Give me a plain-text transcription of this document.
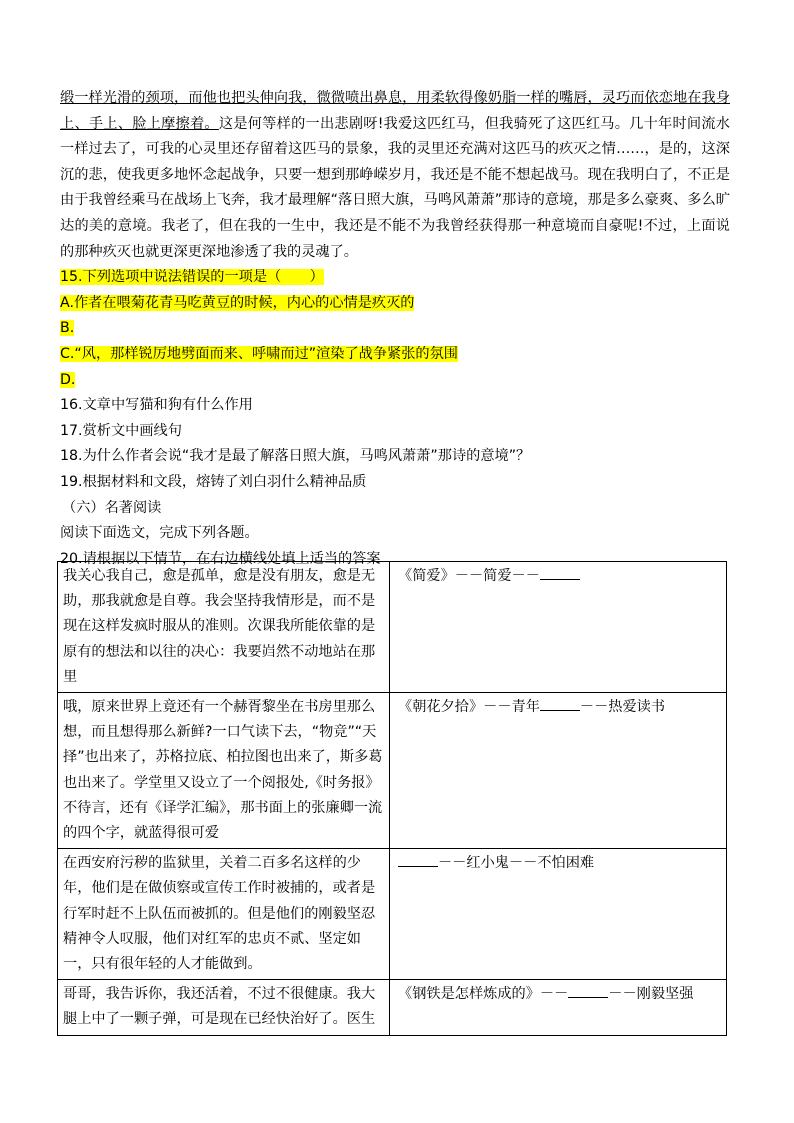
缎一样光滑的颈项，而他也把头伸向我，微微喷出鼻息，用柔软得像奶脂一样的嘴唇，灵巧而依恋地在我身上、手上、脸上摩擦着。这是何等样的一出悲剧呀!我爱这匹红马，但我骑死了这匹红马。几十年时间流水一样过去了，可我的心灵里还存留着这匹马的景象，我的灵里还充满对这匹马的疚灭之情……，是的，这深沉的悲，使我更多地怀念起战争，只要一想到那峥嵘岁月，我还是不能不想起战马。现在我明白了，不正是由于我曾经乘马在战场上飞奔，我才最理解“落日照大旗，马鸣风萧萧”那诗的意境，那是多么豪爽、多么旷达的美的意境。我老了，但在我的一生中，我还是不能不为我曾经获得那一种意境而自豪呢!不过，上面说的那种疚灭也就更深更深地渗透了我的灵魂了。

15.下列选项中说法错误的一项是（　　）

A.作者在喂菊花青马吃黄豆的时候，内心的心情是疚灭的

B.

C.“风，那样锐厉地劈面而来、呼啸而过”渲染了战争紧张的氛围

D.

16.文章中写猫和狗有什么作用

17.赏析文中画线句

18.为什么作者会说“我才是最了解落日照大旗，马鸣风萧萧”那诗的意境”？

19.根据材料和文段，熔铸了刘白羽什么精神品质

（六）名著阅读

阅读下面选文，完成下列各题。

20.请根据以下情节，在右边横线处填上适当的答案

我关心我自己，愈是孤单，愈是没有朋友，愈是无助，那我就愈是自尊。我会坚持我情形是，而不是现在这样发疯时服从的准则。次课我所能依靠的是原有的想法和以往的决心：我要岿然不动地站在那里	《简爱》－－简爱－－
哦，原来世界上竟还有一个赫胥黎坐在书房里那么想，而且想得那么新鲜?一口气读下去，“物竞”“天择”也出来了，苏格拉底、柏拉图也出来了，斯多葛也出来了。学堂里又设立了一个阅报处,《时务报》不待言，还有《译学汇编》，那书面上的张廉卿一流的四个字，就蓝得很可爱	《朝花夕拾》－－青年 －－热爱读书
在西安府污秽的监狱里，关着二百多名这样的少年，他们是在做侦察或宣传工作时被捕的，或者是行军时赶不上队伍而被抓的。但是他们的刚毅坚忍精神令人叹服，他们对红军的忠贞不贰、坚定如一，只有很年轻的人才能做到。	－－红小鬼－－不怕困难
哥哥，我告诉你，我还活着，不过不很健康。我大腿上中了一颗子弹，可是现在已经快治好了。医生	《钢铁是怎样炼成的》－－ －－刚毅坚强
